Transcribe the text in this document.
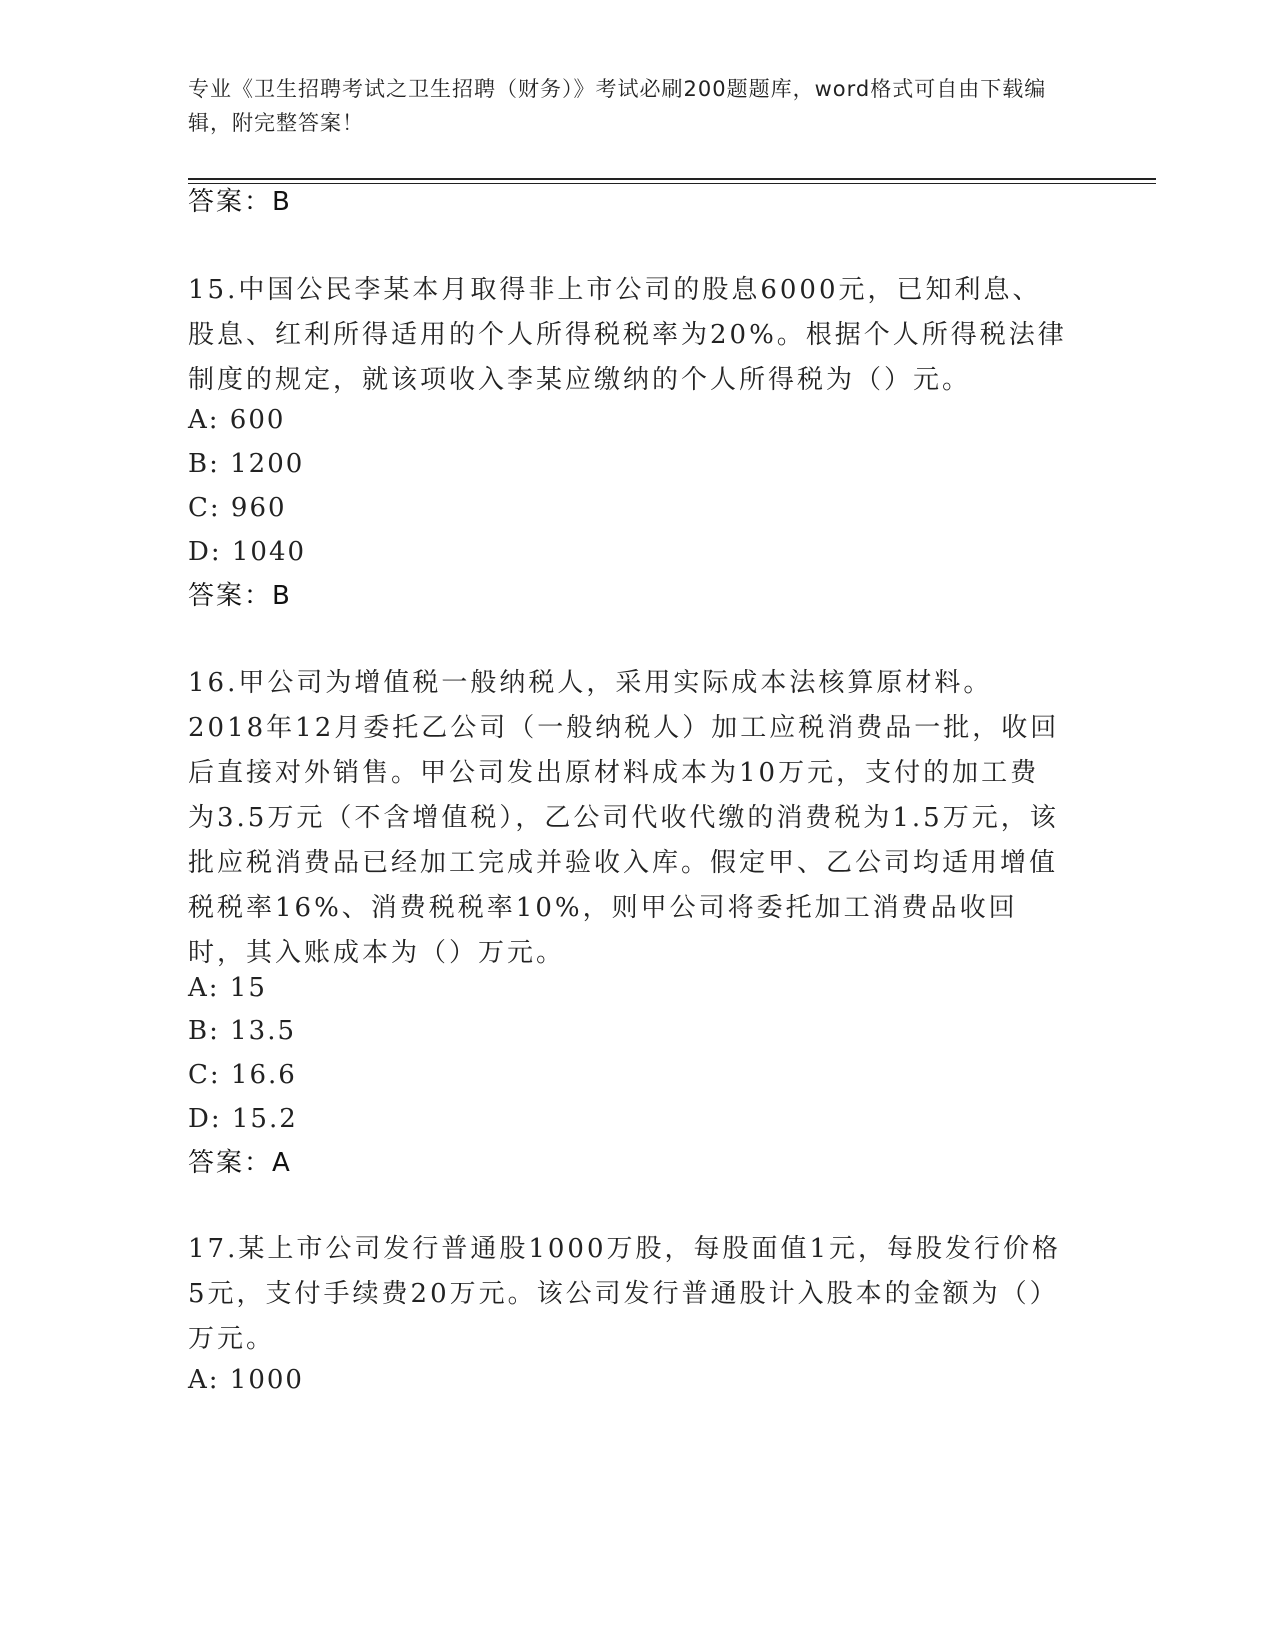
专业《卫生招聘考试之卫生招聘（财务）》考试必刷200题题库，word格式可自由下载编辑，附完整答案！
答案：B
15.中国公民李某本月取得非上市公司的股息6000元，已知利息、股息、红利所得适用的个人所得税税率为20%。根据个人所得税法律制度的规定，就该项收入李某应缴纳的个人所得税为（）元。
A: 600
B: 1200
C: 960
D: 1040
答案：B
16.甲公司为增值税一般纳税人，采用实际成本法核算原材料。2018年12月委托乙公司（一般纳税人）加工应税消费品一批，收回后直接对外销售。甲公司发出原材料成本为10万元，支付的加工费为3.5万元（不含增值税），乙公司代收代缴的消费税为1.5万元，该批应税消费品已经加工完成并验收入库。假定甲、乙公司均适用增值税税率16%、消费税税率10%，则甲公司将委托加工消费品收回时，其入账成本为（）万元。
A: 15
B: 13.5
C: 16.6
D: 15.2
答案：A
17.某上市公司发行普通股1000万股，每股面值1元，每股发行价格5元，支付手续费20万元。该公司发行普通股计入股本的金额为（）万元。
A: 1000
